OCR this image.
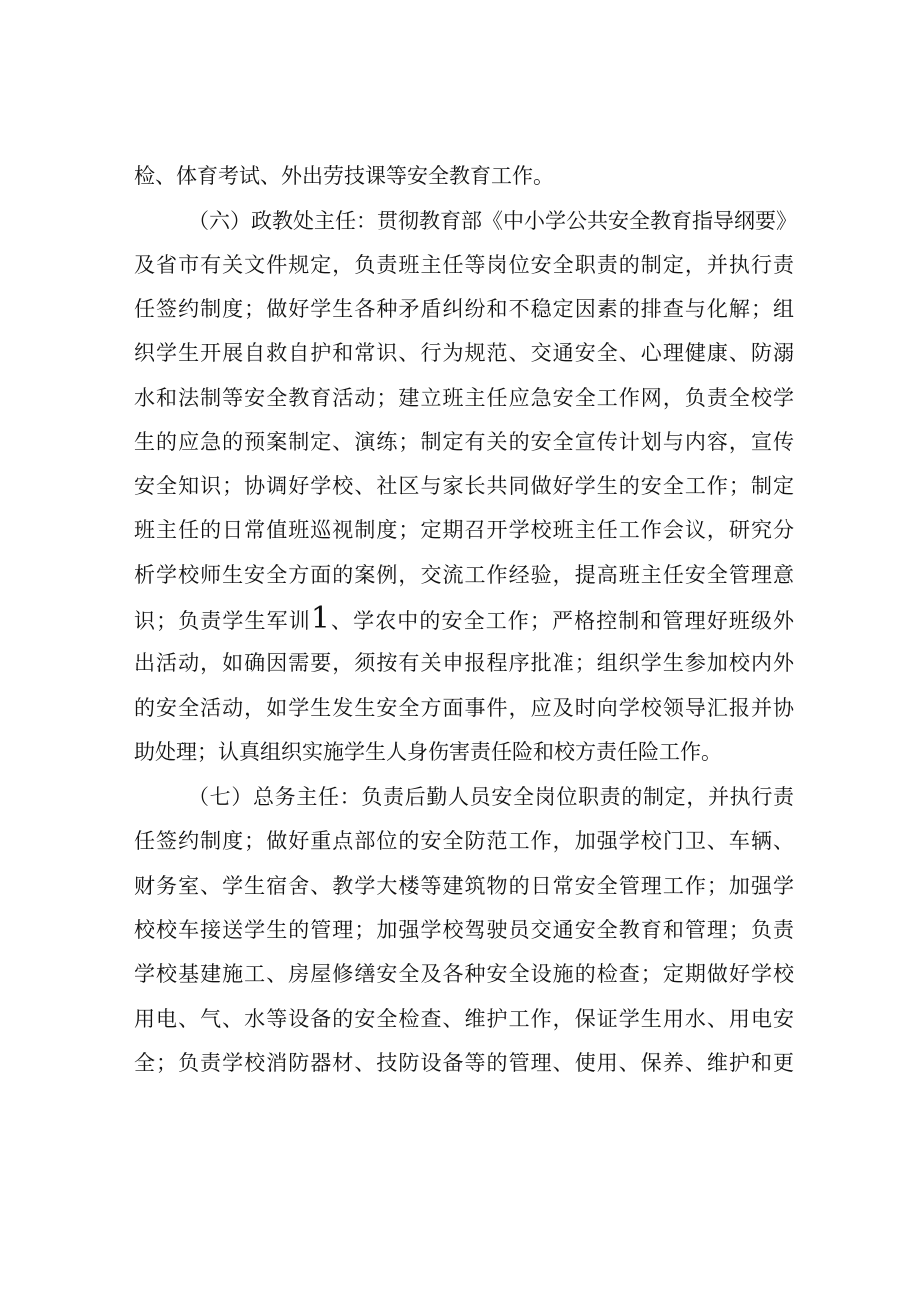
检、体育考试、外出劳技课等安全教育工作。
（六）政教处主任：贯彻教育部《中小学公共安全教育指导纲要》
及省市有关文件规定，负责班主任等岗位安全职责的制定，并执行责
任签约制度；做好学生各种矛盾纠纷和不稳定因素的排查与化解；组
织学生开展自救自护和常识、行为规范、交通安全、心理健康、防溺
水和法制等安全教育活动；建立班主任应急安全工作网，负责全校学
生的应急的预案制定、演练；制定有关的安全宣传计划与内容，宣传
安全知识；协调好学校、社区与家长共同做好学生的安全工作；制定
班主任的日常值班巡视制度；定期召开学校班主任工作会议，研究分
析学校师生安全方面的案例，交流工作经验，提高班主任安全管理意
识；负责学生军训1、学农中的安全工作；严格控制和管理好班级外
出活动，如确因需要，须按有关申报程序批准；组织学生参加校内外
的安全活动，如学生发生安全方面事件，应及时向学校领导汇报并协
助处理；认真组织实施学生人身伤害责任险和校方责任险工作。
（七）总务主任：负责后勤人员安全岗位职责的制定，并执行责
任签约制度；做好重点部位的安全防范工作，加强学校门卫、车辆、
财务室、学生宿舍、教学大楼等建筑物的日常安全管理工作；加强学
校校车接送学生的管理；加强学校驾驶员交通安全教育和管理；负责
学校基建施工、房屋修缮安全及各种安全设施的检查；定期做好学校
用电、气、水等设备的安全检查、维护工作，保证学生用水、用电安
全；负责学校消防器材、技防设备等的管理、使用、保养、维护和更
